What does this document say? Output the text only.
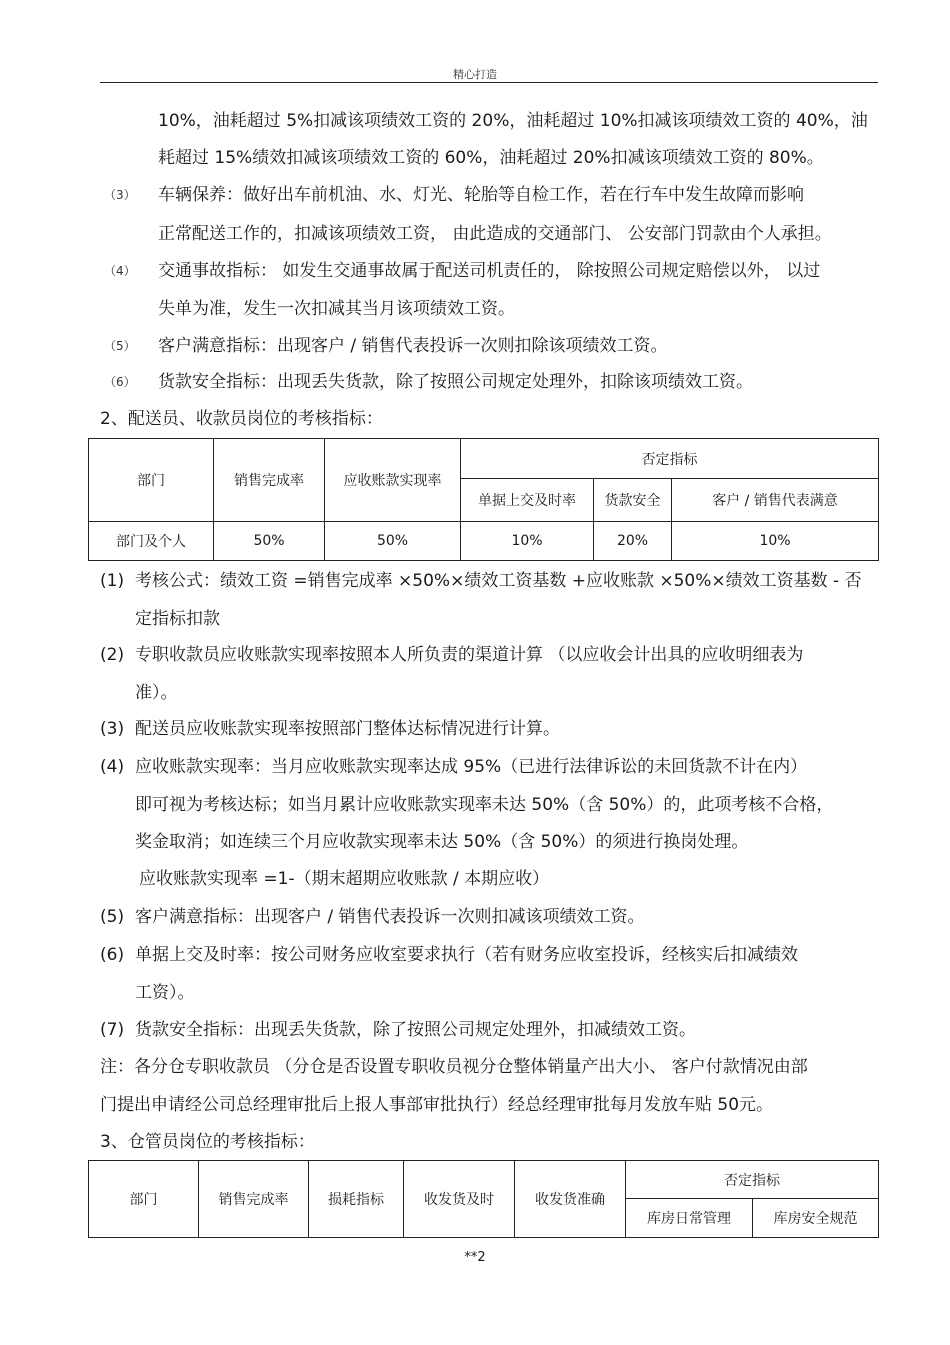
精心打造
10%，油耗超过 5%扣减该项绩效工资的 20%，油耗超过 10%扣减该项绩效工资的 40%，油
耗超过 15%绩效扣减该项绩效工资的 60%，油耗超过 20%扣减该项绩效工资的 80%。
（3） 车辆保养：做好出车前机油、水、灯光、轮胎等自检工作，若在行车中发生故障而影响
正常配送工作的，扣减该项绩效工资， 由此造成的交通部门、 公安部门罚款由个人承担。
（4） 交通事故指标： 如发生交通事故属于配送司机责任的， 除按照公司规定赔偿以外， 以过
失单为准，发生一次扣减其当月该项绩效工资。
（5） 客户满意指标：出现客户 / 销售代表投诉一次则扣除该项绩效工资。
（6） 货款安全指标：出现丢失货款，除了按照公司规定处理外，扣除该项绩效工资。
2、配送员、收款员岗位的考核指标：
部门	销售完成率	应收账款实现率	否定指标		
			单据上交及时率	货款安全	客户 / 销售代表满意
部门及个人	50%	50%	10%	20%	10%
(1) 考核公式：绩效工资 =销售完成率 ×50%×绩效工资基数 +应收账款 ×50%×绩效工资基数 - 否
定指标扣款
(2) 专职收款员应收账款实现率按照本人所负责的渠道计算 （以应收会计出具的应收明细表为
准）。
(3) 配送员应收账款实现率按照部门整体达标情况进行计算。
(4) 应收账款实现率：当月应收账款实现率达成 95%（已进行法律诉讼的未回货款不计在内）
即可视为考核达标；如当月累计应收账款实现率未达 50%（含 50%）的，此项考核不合格，
奖金取消；如连续三个月应收款实现率未达 50%（含 50%）的须进行换岗处理。
应收账款实现率 =1-（期末超期应收账款 / 本期应收）
(5) 客户满意指标：出现客户 / 销售代表投诉一次则扣减该项绩效工资。
(6) 单据上交及时率：按公司财务应收室要求执行（若有财务应收室投诉，经核实后扣减绩效
工资）。
(7) 货款安全指标：出现丢失货款，除了按照公司规定处理外，扣减绩效工资。
注：各分仓专职收款员 （分仓是否设置专职收员视分仓整体销量产出大小、 客户付款情况由部
门提出申请经公司总经理审批后上报人事部审批执行）经总经理审批每月发放车贴 50元。
3、仓管员岗位的考核指标：
部门	销售完成率	损耗指标	收发货及时	收发货准确	否定指标	
					库房日常管理	库房安全规范
**2
